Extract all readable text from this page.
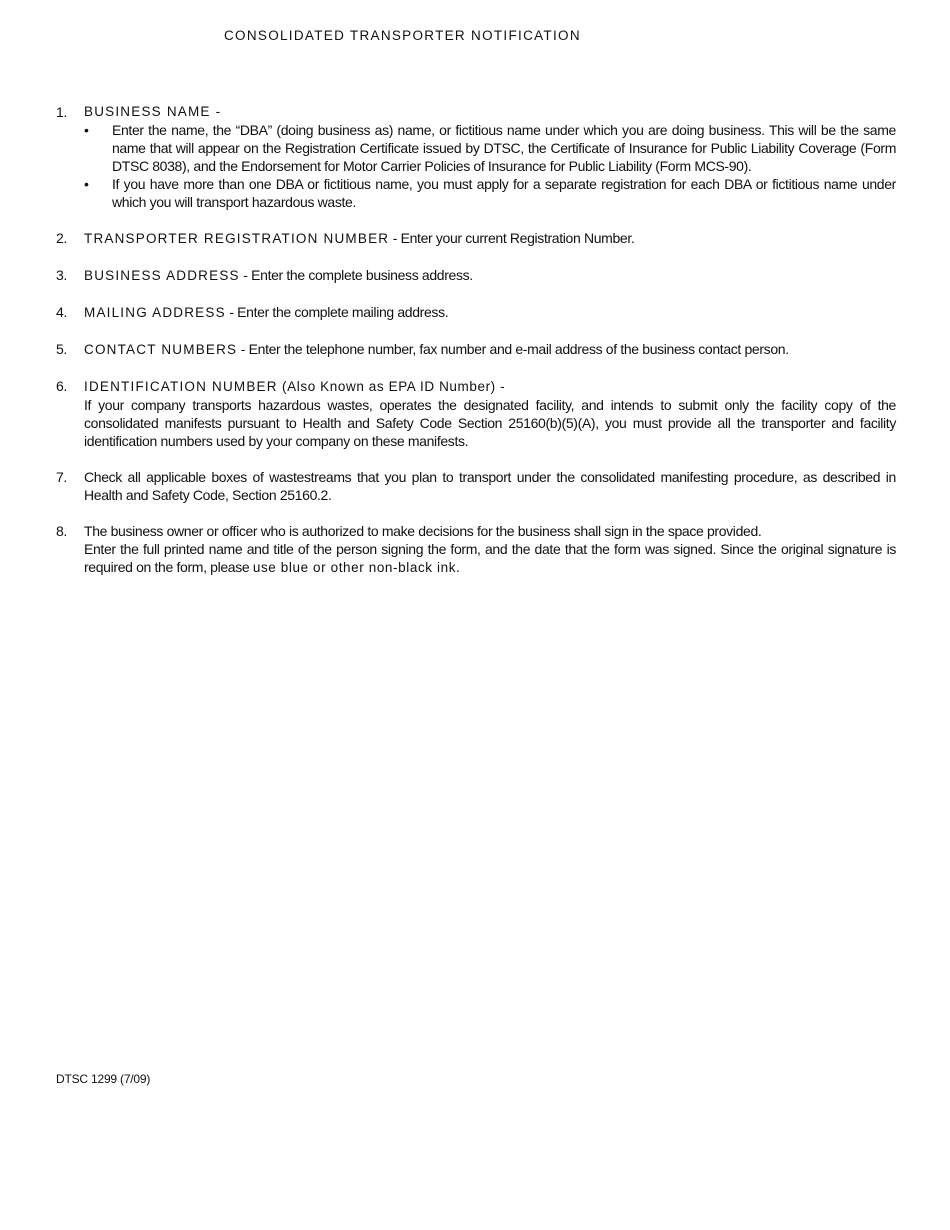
CONSOLIDATED TRANSPORTER NOTIFICATION
1. BUSINESS NAME -
• Enter the name, the “DBA” (doing business as) name, or fictitious name under which you are doing business. This will be the same name that will appear on the Registration Certificate issued by DTSC, the Certificate of Insurance for Public Liability Coverage (Form DTSC 8038), and the Endorsement for Motor Carrier Policies of Insurance for Public Liability (Form MCS-90).
• If you have more than one DBA or fictitious name, you must apply for a separate registration for each DBA or fictitious name under which you will transport hazardous waste.
2. TRANSPORTER REGISTRATION NUMBER - Enter your current Registration Number.
3. BUSINESS ADDRESS - Enter the complete business address.
4. MAILING ADDRESS - Enter the complete mailing address.
5. CONTACT NUMBERS - Enter the telephone number, fax number and e-mail address of the business contact person.
6. IDENTIFICATION NUMBER (Also Known as EPA ID Number) -
If your company transports hazardous wastes, operates the designated facility, and intends to submit only the facility copy of the consolidated manifests pursuant to Health and Safety Code Section 25160(b)(5)(A), you must provide all the transporter and facility identification numbers used by your company on these manifests.
7. Check all applicable boxes of wastestreams that you plan to transport under the consolidated manifesting procedure, as described in Health and Safety Code, Section 25160.2.
8. The business owner or officer who is authorized to make decisions for the business shall sign in the space provided.
Enter the full printed name and title of the person signing the form, and the date that the form was signed. Since the original signature is required on the form, please use blue or other non-black ink.
DTSC 1299 (7/09)
